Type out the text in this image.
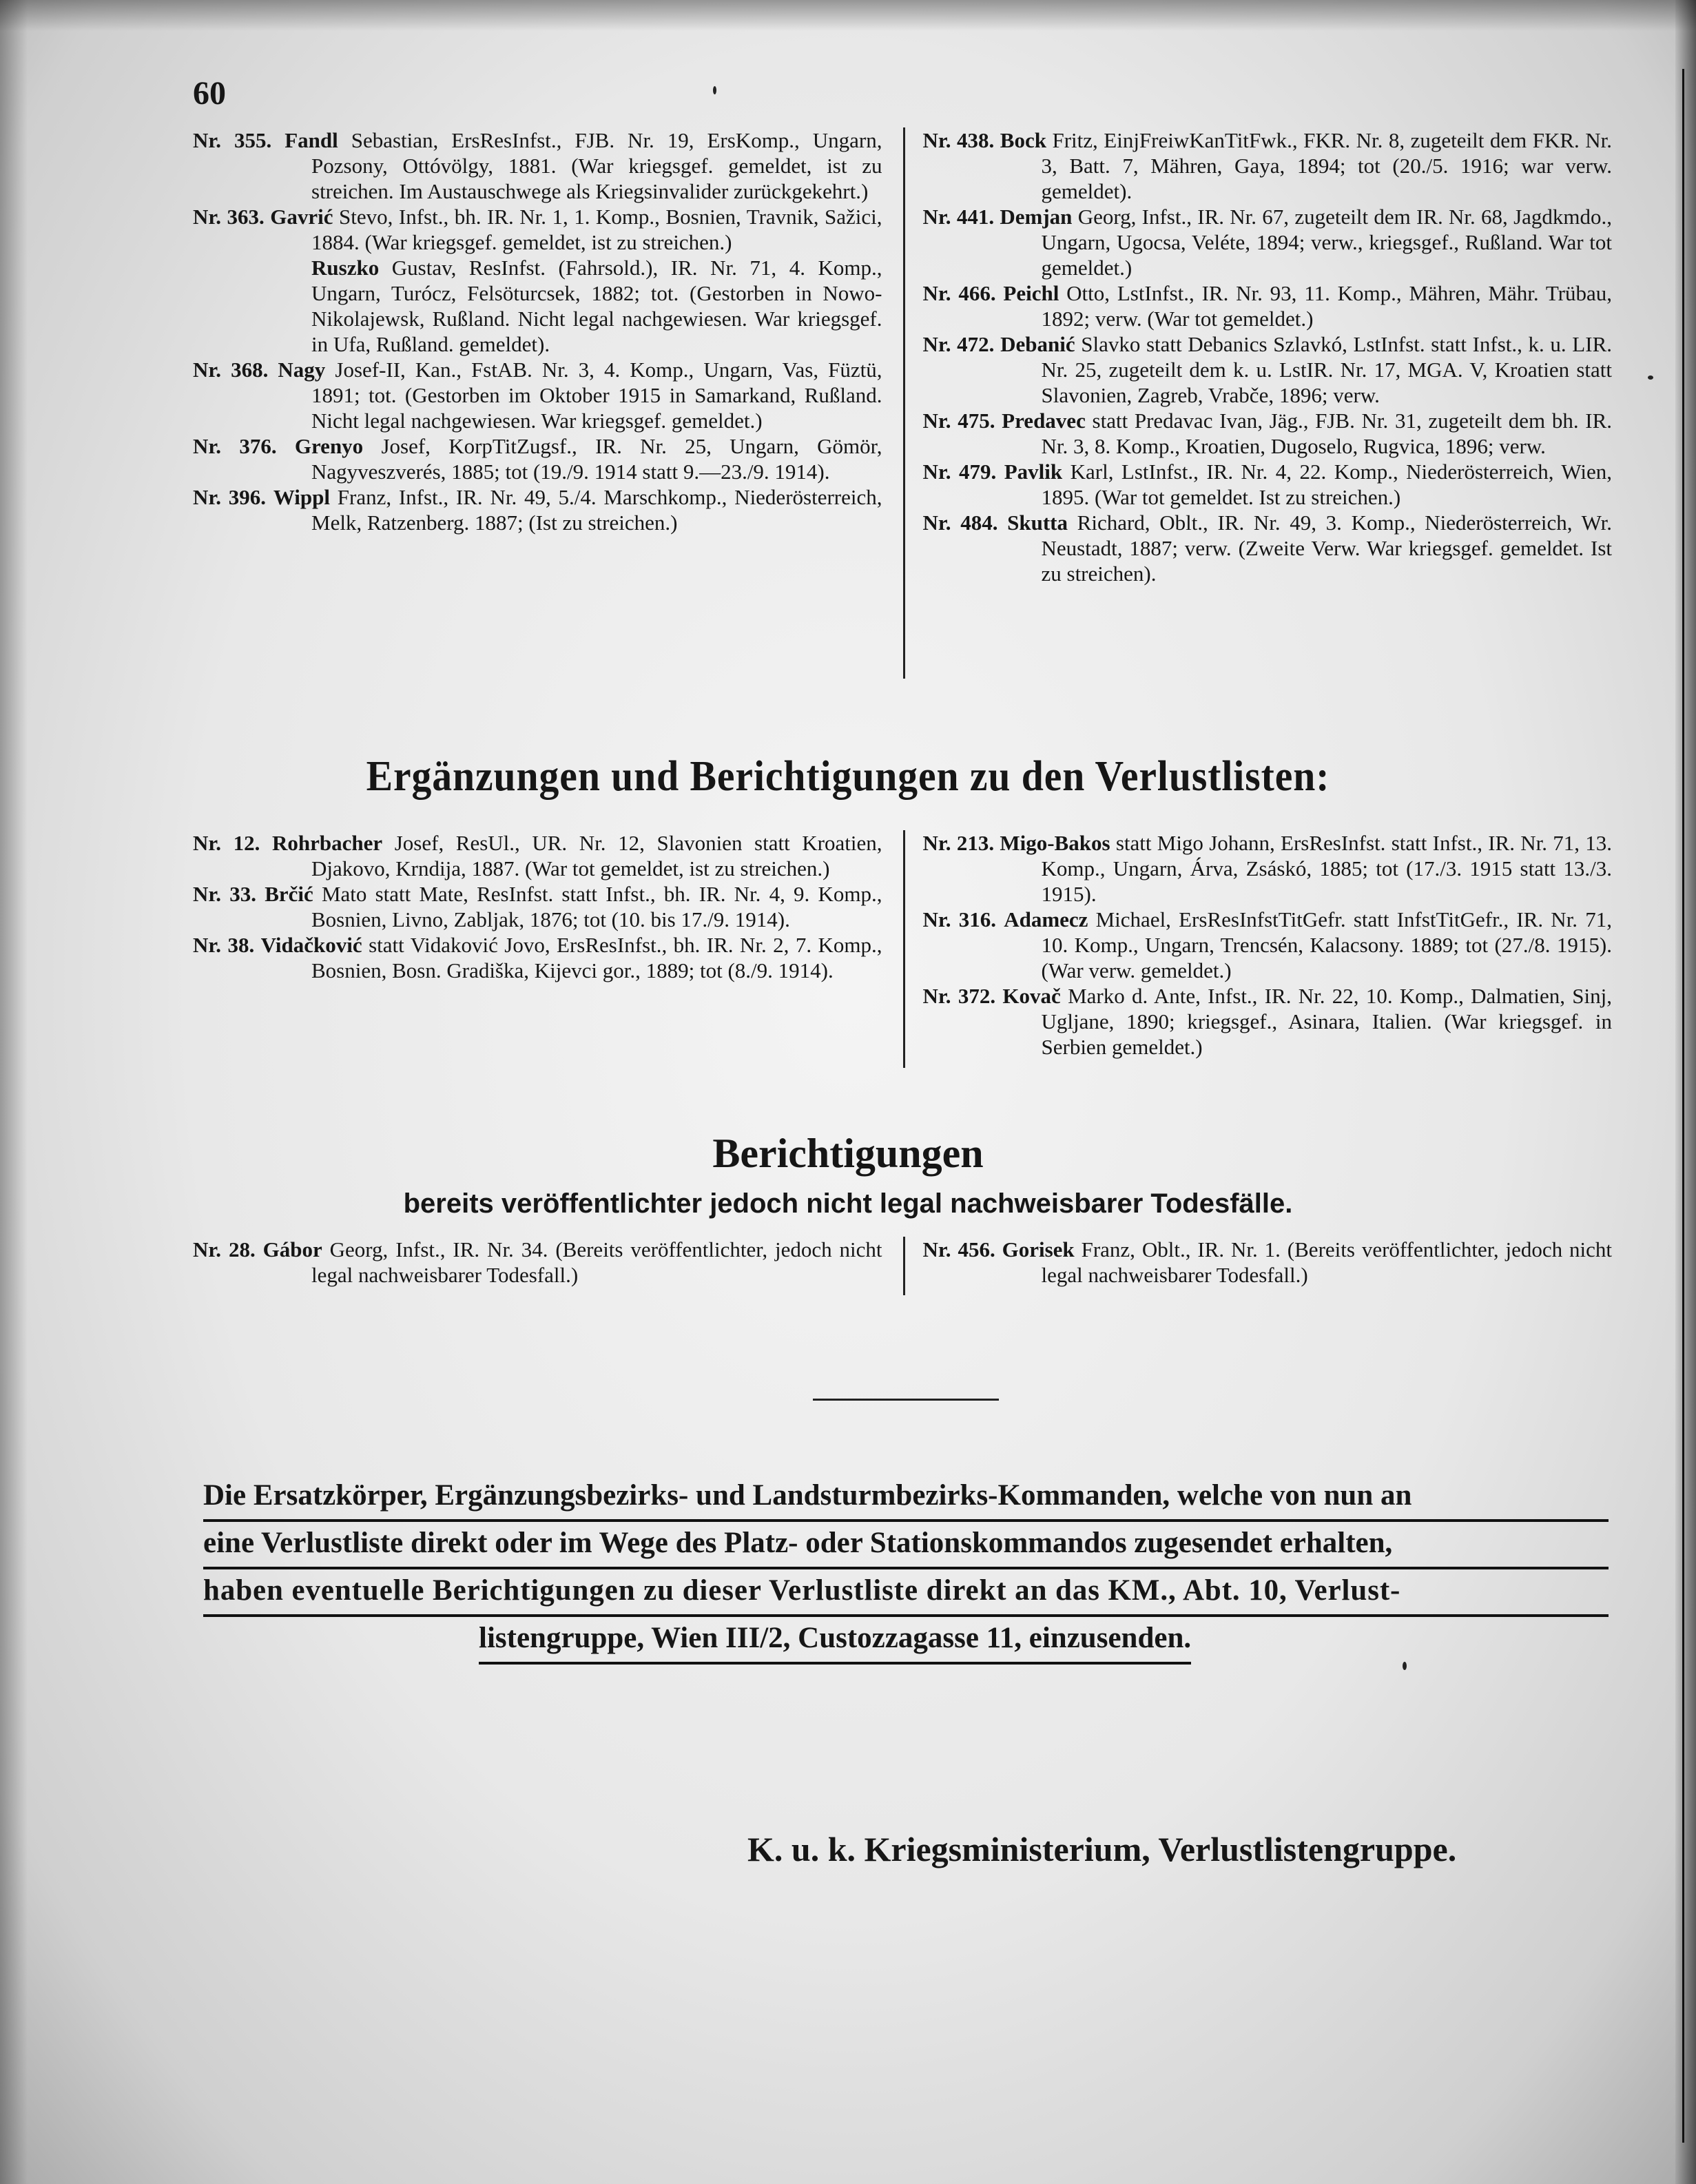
60

Nr. 355. Fandl Sebastian, ErsResInfst., FJB. Nr. 19, ErsKomp., Ungarn, Pozsony, Ottóvölgy, 1881. (War kriegsgef. gemeldet, ist zu streichen. Im Austauschwege als Kriegsinvalider zurückgekehrt.)

Nr. 363. Gavrić Stevo, Infst., bh. IR. Nr. 1, 1. Komp., Bosnien, Travnik, Sažici, 1884. (War kriegsgef. gemeldet, ist zu streichen.)

Ruszko Gustav, ResInfst. (Fahrsold.), IR. Nr. 71, 4. Komp., Ungarn, Turócz, Felsöturcsek, 1882; tot. (Gestorben in Nowo-Nikolajewsk, Rußland. Nicht legal nachgewiesen. War kriegsgef. in Ufa, Rußland. gemeldet).

Nr. 368. Nagy Josef-II, Kan., FstAB. Nr. 3, 4. Komp., Ungarn, Vas, Füztü, 1891; tot. (Gestorben im Oktober 1915 in Samarkand, Rußland. Nicht legal nachgewiesen. War kriegsgef. gemeldet.)

Nr. 376. Grenyo Josef, KorpTitZugsf., IR. Nr. 25, Ungarn, Gömör, Nagyveszverés, 1885; tot (19./9. 1914 statt 9.—23./9. 1914).

Nr. 396. Wippl Franz, Infst., IR. Nr. 49, 5./4. Marschkomp., Niederösterreich, Melk, Ratzenberg. 1887; (Ist zu streichen.)

Nr. 438. Bock Fritz, EinjFreiwKanTitFwk., FKR. Nr. 8, zugeteilt dem FKR. Nr. 3, Batt. 7, Mähren, Gaya, 1894; tot (20./5. 1916; war verw. gemeldet).

Nr. 441. Demjan Georg, Infst., IR. Nr. 67, zugeteilt dem IR. Nr. 68, Jagdkmdo., Ungarn, Ugocsa, Veléte, 1894; verw., kriegsgef., Rußland. War tot gemeldet.)

Nr. 466. Peichl Otto, LstInfst., IR. Nr. 93, 11. Komp., Mähren, Mähr. Trübau, 1892; verw. (War tot gemeldet.)

Nr. 472. Debanić Slavko statt Debanics Szlavkó, LstInfst. statt Infst., k. u. LIR. Nr. 25, zugeteilt dem k. u. LstIR. Nr. 17, MGA. V, Kroatien statt Slavonien, Zagreb, Vrabče, 1896; verw.

Nr. 475. Predavec statt Predavac Ivan, Jäg., FJB. Nr. 31, zugeteilt dem bh. IR. Nr. 3, 8. Komp., Kroatien, Dugoselo, Rugvica, 1896; verw.

Nr. 479. Pavlik Karl, LstInfst., IR. Nr. 4, 22. Komp., Niederösterreich, Wien, 1895. (War tot gemeldet. Ist zu streichen.)

Nr. 484. Skutta Richard, Oblt., IR. Nr. 49, 3. Komp., Niederösterreich, Wr. Neustadt, 1887; verw. (Zweite Verw. War kriegsgef. gemeldet. Ist zu streichen).

Ergänzungen und Berichtigungen zu den Verlustlisten:

Nr. 12. Rohrbacher Josef, ResUl., UR. Nr. 12, Slavonien statt Kroatien, Djakovo, Krndija, 1887. (War tot gemeldet, ist zu streichen.)

Nr. 33. Brčić Mato statt Mate, ResInfst. statt Infst., bh. IR. Nr. 4, 9. Komp., Bosnien, Livno, Zabljak, 1876; tot (10. bis 17./9. 1914).

Nr. 38. Vidačković statt Vidaković Jovo, ErsResInfst., bh. IR. Nr. 2, 7. Komp., Bosnien, Bosn. Gradiška, Kijevci gor., 1889; tot (8./9. 1914).

Nr. 213. Migo-Bakos statt Migo Johann, ErsResInfst. statt Infst., IR. Nr. 71, 13. Komp., Ungarn, Árva, Zsáskó, 1885; tot (17./3. 1915 statt 13./3. 1915).

Nr. 316. Adamecz Michael, ErsResInfstTitGefr. statt InfstTitGefr., IR. Nr. 71, 10. Komp., Ungarn, Trencsén, Kalacsony. 1889; tot (27./8. 1915). (War verw. gemeldet.)

Nr. 372. Kovač Marko d. Ante, Infst., IR. Nr. 22, 10. Komp., Dalmatien, Sinj, Ugljane, 1890; kriegsgef., Asinara, Italien. (War kriegsgef. in Serbien gemeldet.)

Berichtigungen
bereits veröffentlichter jedoch nicht legal nachweisbarer Todesfälle.

Nr. 28. Gábor Georg, Infst., IR. Nr. 34. (Bereits veröffentlichter, jedoch nicht legal nachweisbarer Todesfall.)

Nr. 456. Gorisek Franz, Oblt., IR. Nr. 1. (Bereits veröffentlichter, jedoch nicht legal nachweisbarer Todesfall.)

Die Ersatzkörper, Ergänzungsbezirks- und Landsturmbezirks-Kommanden, welche von nun an
eine Verlustliste direkt oder im Wege des Platz- oder Stationskommandos zugesendet erhalten,
haben eventuelle Berichtigungen zu dieser Verlustliste direkt an das KM., Abt. 10, Verlust-
listengruppe, Wien III/2, Custozzagasse 11, einzusenden.
K. u. k. Kriegsministerium, Verlustlistengruppe.
